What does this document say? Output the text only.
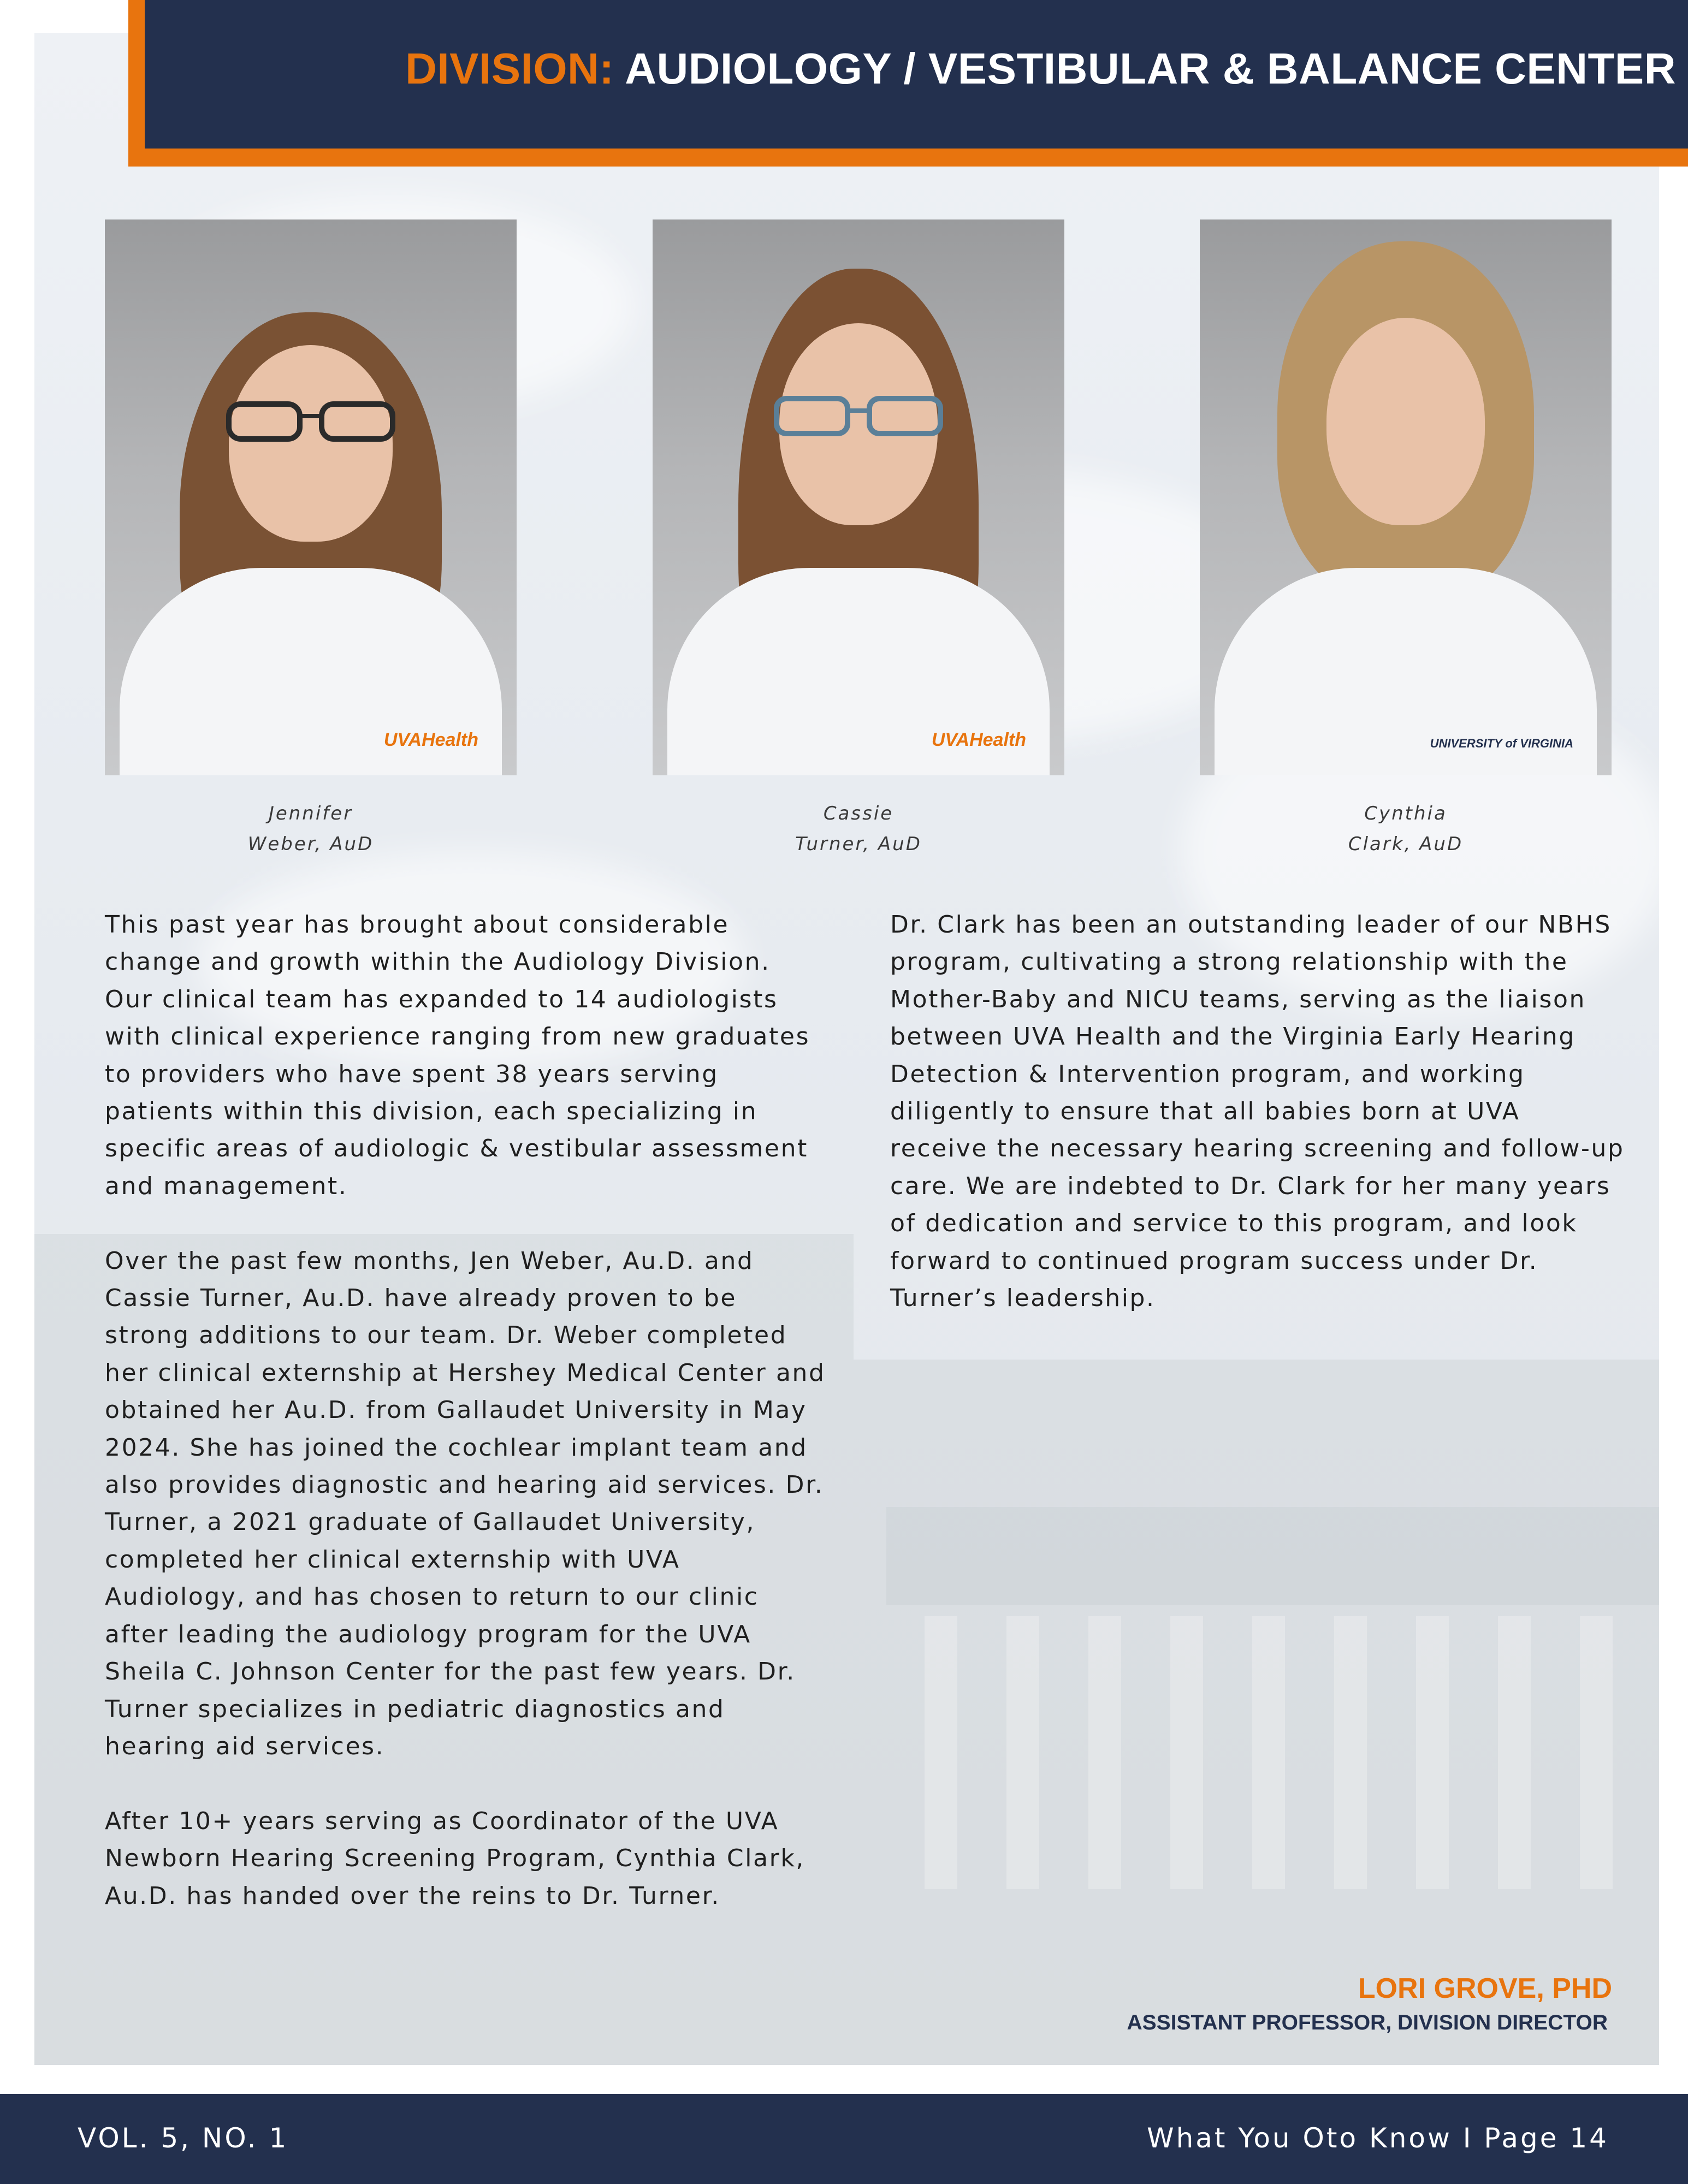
DIVISION: AUDIOLOGY / VESTIBULAR & BALANCE CENTER
UVAHealth	UVAHealth	UNIVERSITY of VIRGINIA
Jennifer
Weber, AuD
Cassie
Turner, AuD
Cynthia
Clark, AuD

This past year has brought about considerable change and growth within the Audiology Division. Our clinical team has expanded to 14 audiologists with clinical experience ranging from new graduates to providers who have spent 38 years serving patients within this division, each specializing in specific areas of audiologic & vestibular assessment and management.

Over the past few months, Jen Weber, Au.D. and Cassie Turner, Au.D. have already proven to be strong additions to our team. Dr. Weber completed her clinical externship at Hershey Medical Center and obtained her Au.D. from Gallaudet University in May 2024. She has joined the cochlear implant team and also provides diagnostic and hearing aid services. Dr. Turner, a 2021 graduate of Gallaudet University, completed her clinical externship with UVA Audiology, and has chosen to return to our clinic after leading the audiology program for the UVA Sheila C. Johnson Center for the past few years. Dr. Turner specializes in pediatric diagnostics and hearing aid services.

After 10+ years serving as Coordinator of the UVA Newborn Hearing Screening Program, Cynthia Clark, Au.D. has handed over the reins to Dr. Turner.

Dr. Clark has been an outstanding leader of our NBHS program, cultivating a strong relationship with the Mother-Baby and NICU teams, serving as the liaison between UVA Health and the Virginia Early Hearing Detection & Intervention program, and working diligently to ensure that all babies born at UVA receive the necessary hearing screening and follow-up care. We are indebted to Dr. Clark for her many years of dedication and service to this program, and look forward to continued program success under Dr. Turner’s leadership.

LORI GROVE, PHD
ASSISTANT PROFESSOR, DIVISION DIRECTOR
VOL. 5, NO. 1	What You Oto Know I Page 14
